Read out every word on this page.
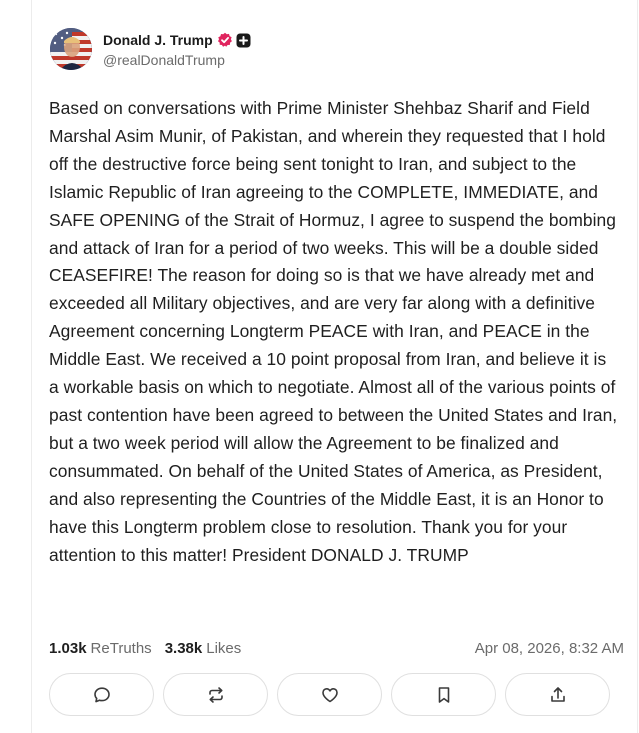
Donald J. Trump
@realDonaldTrump
Based on conversations with Prime Minister Shehbaz Sharif and Field Marshal Asim Munir, of Pakistan, and wherein they requested that I hold off the destructive force being sent tonight to Iran, and subject to the Islamic Republic of Iran agreeing to the COMPLETE, IMMEDIATE, and SAFE OPENING of the Strait of Hormuz, I agree to suspend the bombing and attack of Iran for a period of two weeks. This will be a double sided CEASEFIRE! The reason for doing so is that we have already met and exceeded all Military objectives, and are very far along with a definitive Agreement concerning Longterm PEACE with Iran, and PEACE in the Middle East. We received a 10 point proposal from Iran, and believe it is a workable basis on which to negotiate. Almost all of the various points of past contention have been agreed to between the United States and Iran, but a two week period will allow the Agreement to be finalized and consummated. On behalf of the United States of America, as President, and also representing the Countries of the Middle East, it is an Honor to have this Longterm problem close to resolution. Thank you for your attention to this matter! President DONALD J. TRUMP
1.03k ReTruths 3.38k Likes	Apr 08, 2026, 8:32 AM
